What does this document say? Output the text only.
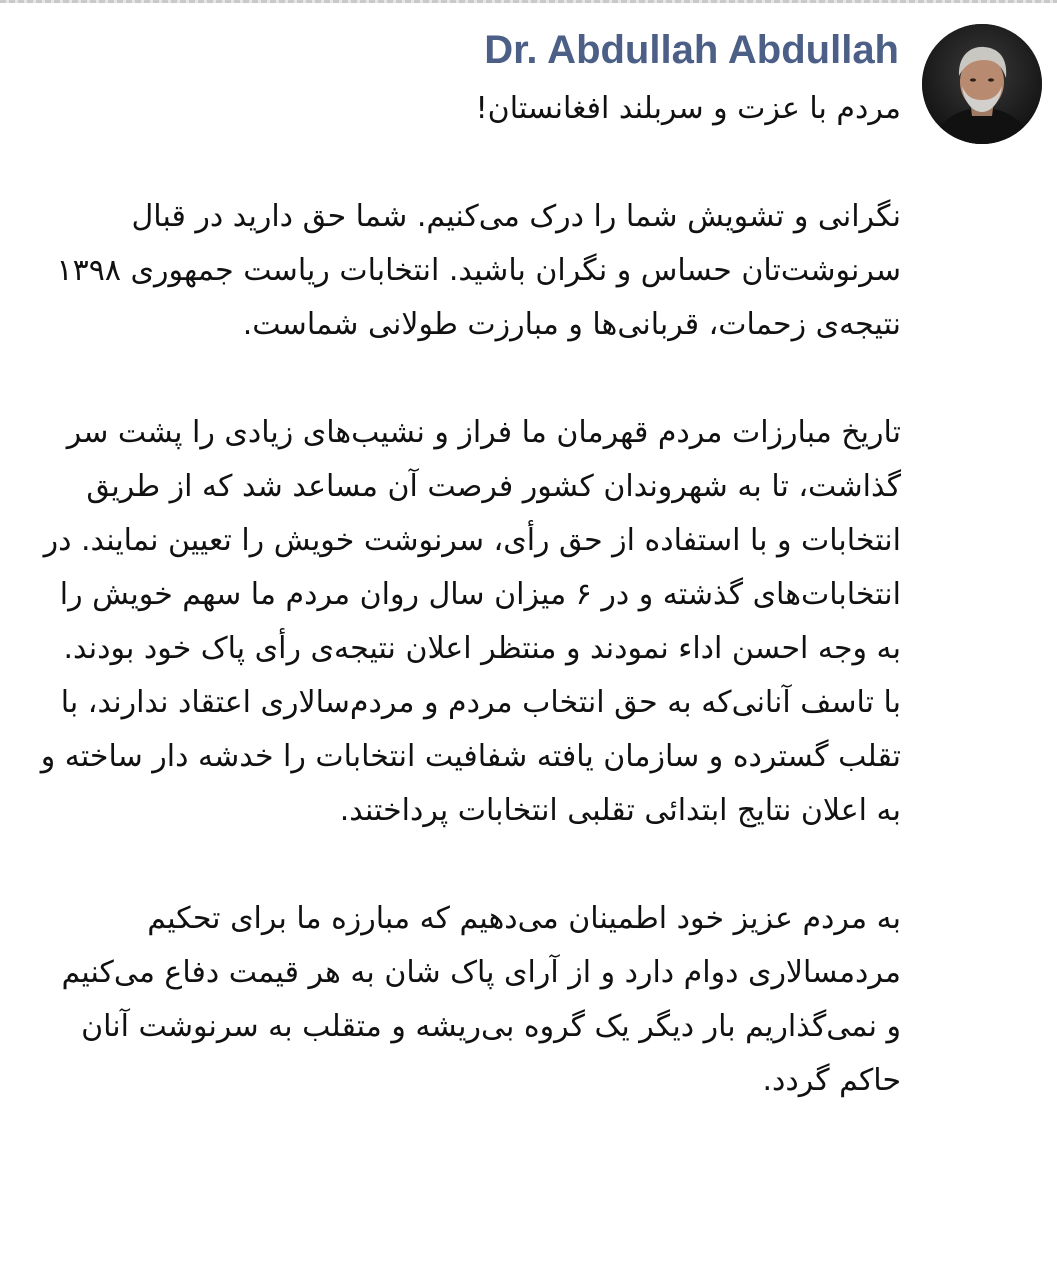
Dr. Abdullah Abdullah

مردم با عزت و سربلند افغانستان!

نگرانی و تشویش شما را درک می‌کنیم. شما حق دارید در قبال سرنوشت‌تان حساس و نگران باشید. انتخابات ریاست جمهوری ۱۳۹۸ نتیجه‌ی زحمات، قربانی‌ها و مبارزت طولانی شماست.

تاریخ مبارزات مردم قهرمان ما فراز و نشیب‌های زیادی را پشت سر گذاشت، تا به شهروندان کشور فرصت آن مساعد شد که از طریق انتخابات و با استفاده از حق رأی، سرنوشت خویش را تعیین نمایند. در انتخابات‌های گذشته و در ۶ میزان سال روان مردم ما سهم خویش را به وجه احسن اداء نمودند و منتظر اعلان نتیجه‌ی رأی پاک خود بودند. با تاسف آنانی‌که به حق انتخاب مردم و مردم‌سالاری اعتقاد ندارند، با تقلب گسترده و سازمان یافته شفافیت انتخابات را خدشه دار ساخته و به اعلان نتایج ابتدائی تقلبی انتخابات پرداختند.

به مردم عزیز خود اطمینان می‌دهیم که مبارزه ما برای تحکیم مردمسالاری دوام دارد و از آرای پاک شان به هر قیمت دفاع می‌کنیم و نمی‌گذاریم بار دیگر یک گروه بی‌ریشه و متقلب به سرنوشت آنان حاکم گردد.
